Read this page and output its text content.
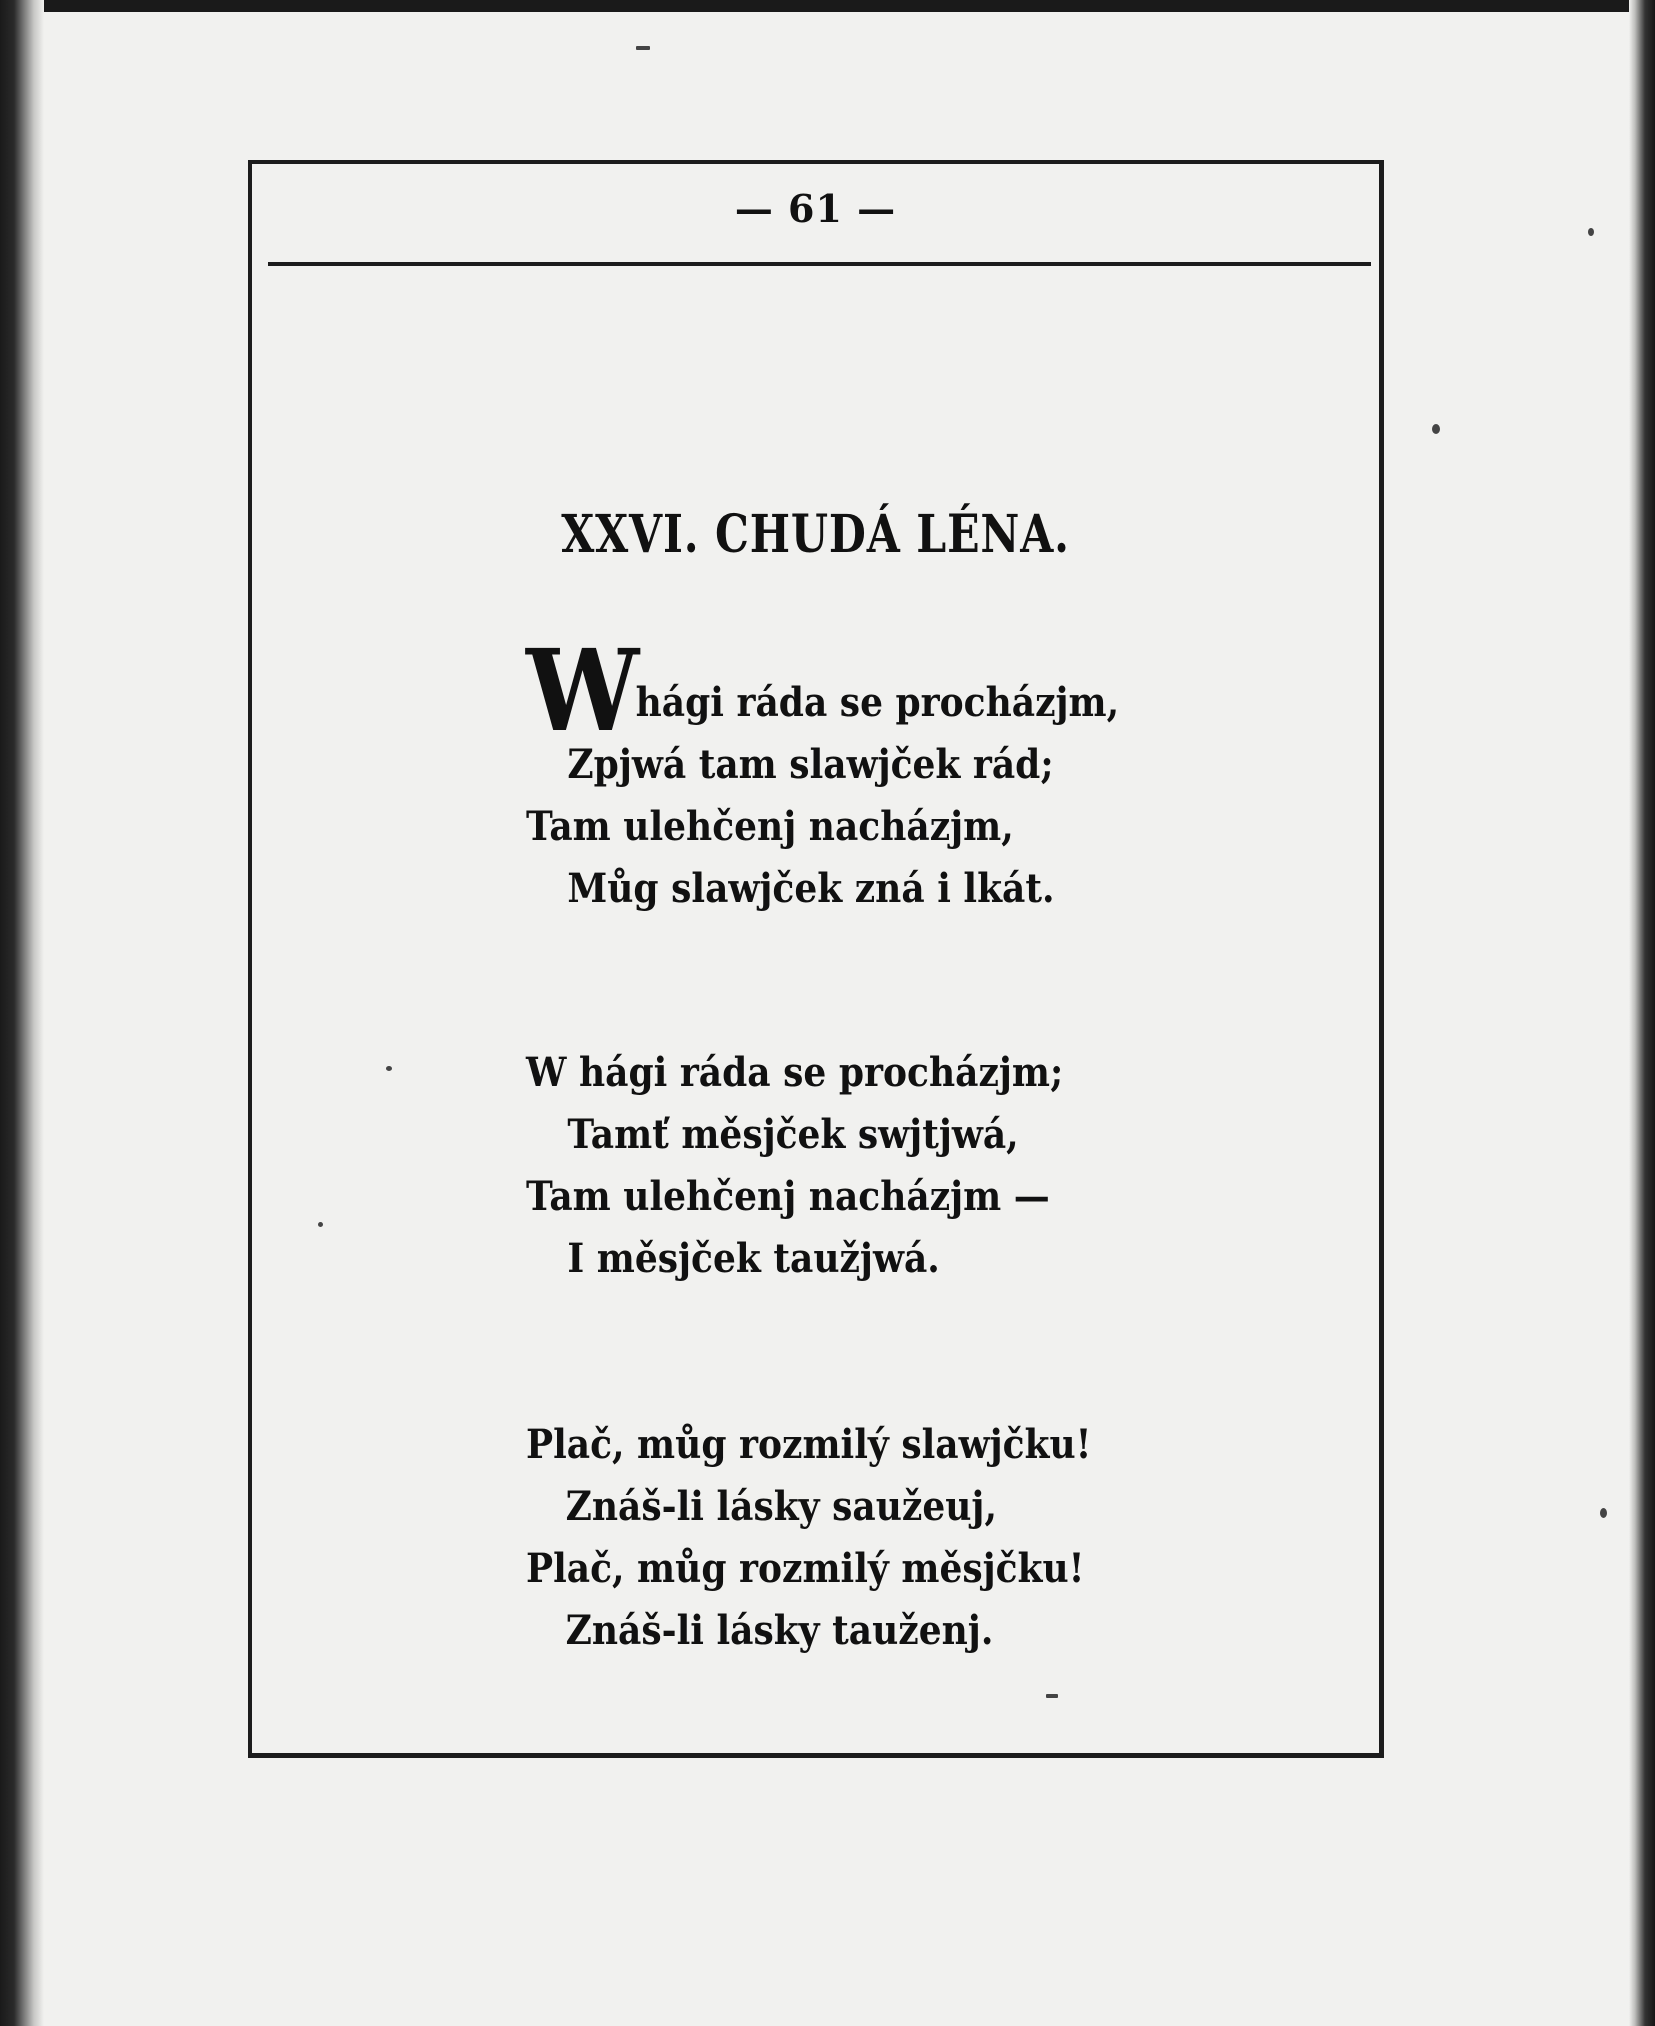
— 61 —
XXVI. CHUDÁ LÉNA.
Whági ráda se procházjm,
Zpjwá tam slawjček rád;
Tam ulehčenj nacházjm,
Můg slawjček zná i lkát.
W hági ráda se procházjm;
Tamť měsjček swjtjwá,
Tam ulehčenj nacházjm —
I měsjček taužjwá.
Plač, můg rozmilý slawjčku!
Znáš-li lásky saužeuj,
Plač, můg rozmilý měsjčku!
Znáš-li lásky tauženj.
